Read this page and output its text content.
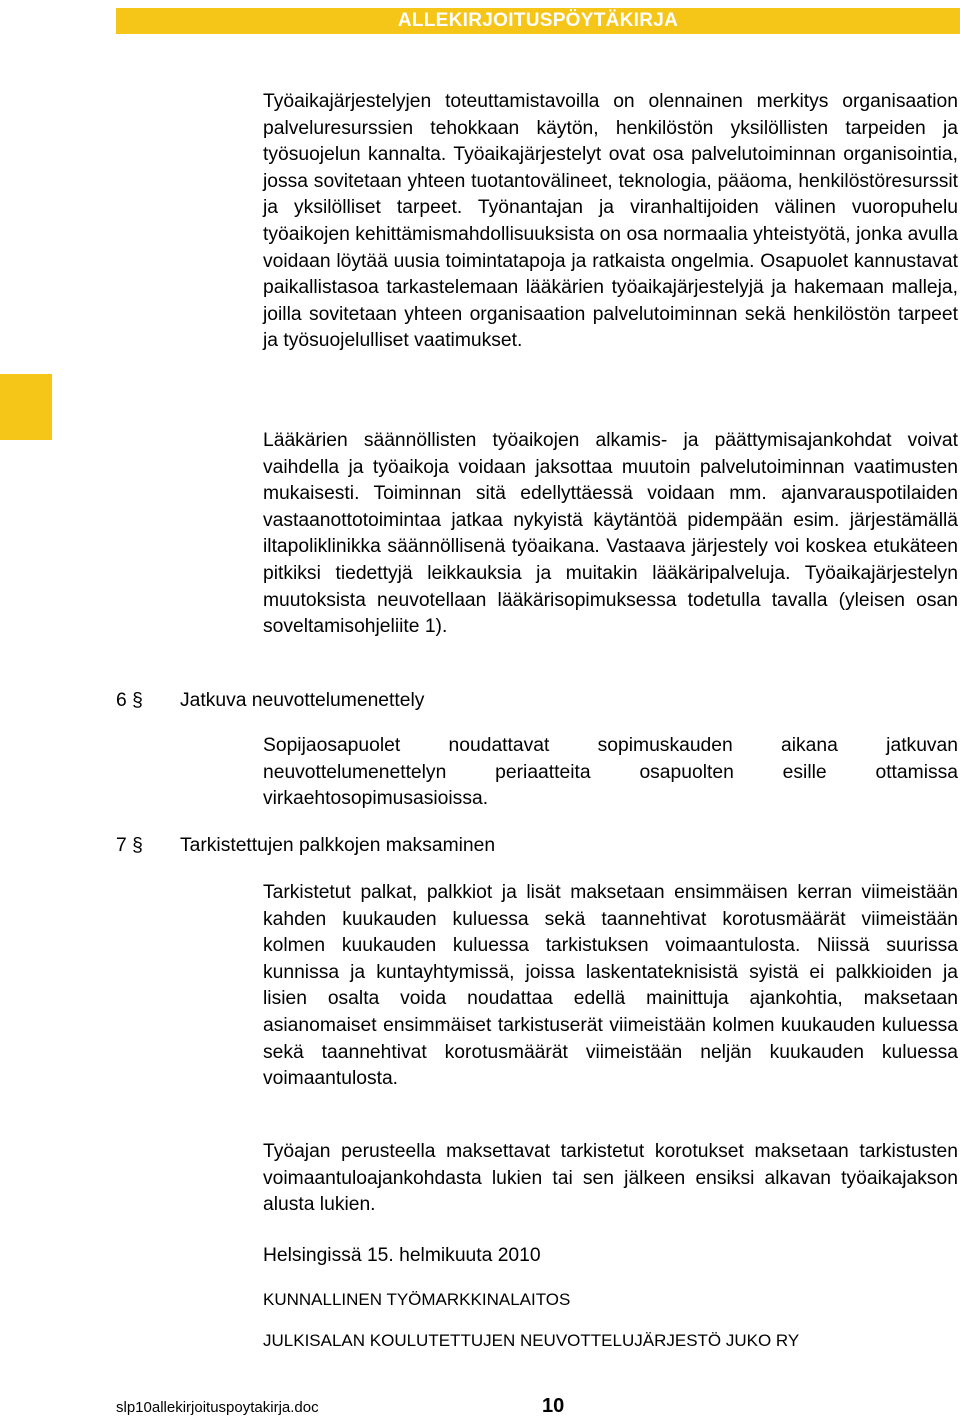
ALLEKIRJOITUSPÖYTÄKIRJA

Työaikajärjestelyjen toteuttamistavoilla on olennainen merkitys organisaation palveluresurssien tehokkaan käytön, henkilöstön yksilöllisten tarpeiden ja työsuojelun kannalta. Työaikajärjestelyt ovat osa palvelutoiminnan organisointia, jossa sovitetaan yhteen tuotantovälineet, teknologia, pääoma, henkilöstöresurssit ja yksilölliset tarpeet. Työnantajan ja viranhaltijoiden välinen vuoropuhelu työaikojen kehittämismahdollisuuksista on osa normaalia yhteistyötä, jonka avulla voidaan löytää uusia toimintatapoja ja ratkaista ongelmia. Osapuolet kannustavat paikallistasoa tarkastelemaan lääkärien työaikajärjestelyjä ja hakemaan malleja, joilla sovitetaan yhteen organisaation palvelutoiminnan sekä henkilöstön tarpeet ja työsuojelulliset vaatimukset.

Lääkärien säännöllisten työaikojen alkamis- ja päättymisajankohdat voivat vaihdella ja työaikoja voidaan jaksottaa muutoin palvelutoiminnan vaatimusten mukaisesti. Toiminnan sitä edellyttäessä voidaan mm. ajanvarauspotilaiden vastaanottotoimintaa jatkaa nykyistä käytäntöä pidempään esim. järjestämällä iltapoliklinikka säännöllisenä työaikana. Vastaava järjestely voi koskea etukäteen pitkiksi tiedettyjä leikkauksia ja muitakin lääkäripalveluja. Työaikajärjestelyn muutoksista neuvotellaan lääkärisopimuksessa todetulla tavalla (yleisen osan soveltamisohjeliite 1).

6 §	Jatkuva neuvottelumenettely

Sopijaosapuolet noudattavat sopimuskauden aikana jatkuvan neuvottelumenettelyn periaatteita osapuolten esille ottamissa virkaehtosopimusasioissa.

7 §	Tarkistettujen palkkojen maksaminen

Tarkistetut palkat, palkkiot ja lisät maksetaan ensimmäisen kerran viimeistään kahden kuukauden kuluessa sekä taannehtivat korotusmäärät viimeistään kolmen kuukauden kuluessa tarkistuksen voimaantulosta. Niissä suurissa kunnissa ja kuntayhtymissä, joissa laskentateknisistä syistä ei palkkioiden ja lisien osalta voida noudattaa edellä mainittuja ajankohtia, maksetaan asianomaiset ensimmäiset tarkistuserät viimeistään kolmen kuukauden kuluessa sekä taannehtivat korotusmäärät viimeistään neljän kuukauden kuluessa voimaantulosta.

Työajan perusteella maksettavat tarkistetut korotukset maksetaan tarkistusten voimaantuloajankohdasta lukien tai sen jälkeen ensiksi alkavan työaikajakson alusta lukien.

Helsingissä 15. helmikuuta 2010

KUNNALLINEN TYÖMARKKINALAITOS

JULKISALAN KOULUTETTUJEN NEUVOTTELUJÄRJESTÖ JUKO RY

slp10allekirjoituspoytakirja.doc	10
